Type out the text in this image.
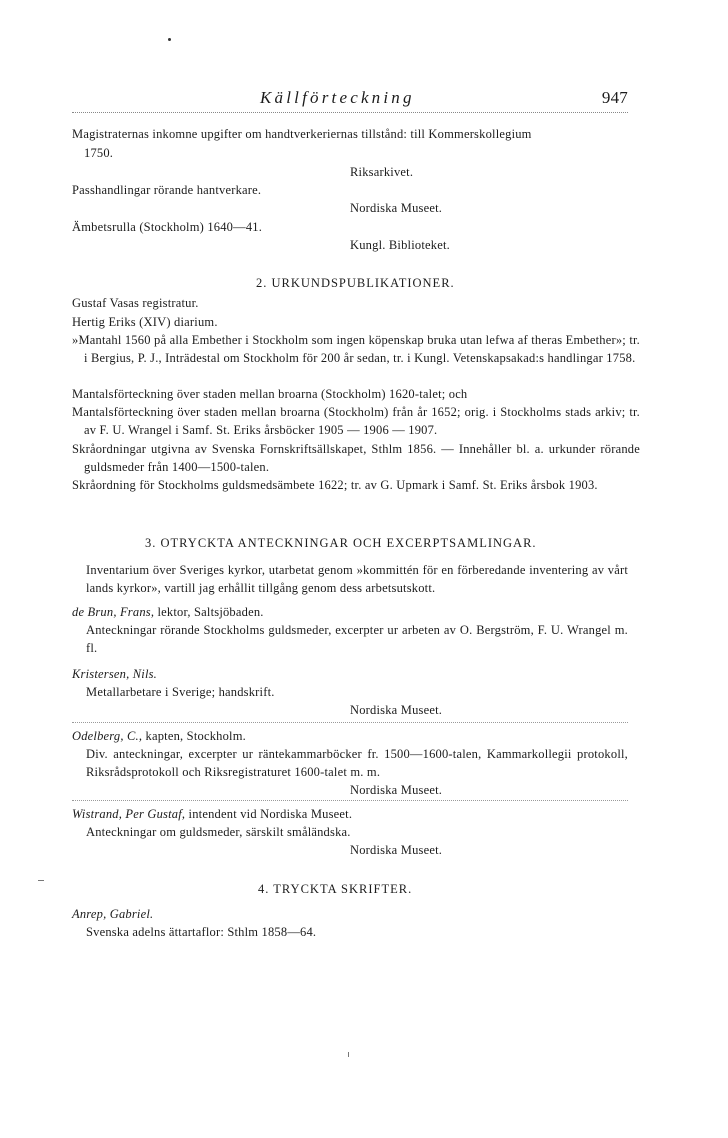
Källförteckning	947
Magistraternas inkomne upgifter om handtverkeriernas tillstånd: till Kommerskollegium
1750.
Riksarkivet.
Passhandlingar rörande hantverkare.
Nordiska Museet.
Ämbetsrulla (Stockholm) 1640—41.
Kungl. Biblioteket.
2. URKUNDSPUBLIKATIONER.
Gustaf Vasas registratur.
Hertig Eriks (XIV) diarium.
»Mantahl 1560 på alla Embether i Stockholm som ingen köpenskap bruka utan lefwa af theras Embether»; tr. i Bergius, P. J., Inträdestal om Stockholm för 200 år sedan, tr. i Kungl. Vetenskapsakad:s handlingar 1758.
Mantalsförteckning över staden mellan broarna (Stockholm) 1620-talet; och
Mantalsförteckning över staden mellan broarna (Stockholm) från år 1652; orig. i Stockholms stads arkiv; tr. av F. U. Wrangel i Samf. St. Eriks årsböcker 1905 — 1906 — 1907.
Skråordningar utgivna av Svenska Fornskriftsällskapet, Sthlm 1856. — Innehåller bl. a. urkunder rörande guldsmeder från 1400—1500-talen.
Skråordning för Stockholms guldsmedsämbete 1622; tr. av G. Upmark i Samf. St. Eriks årsbok 1903.
3. OTRYCKTA ANTECKNINGAR OCH EXCERPTSAMLINGAR.
Inventarium över Sveriges kyrkor, utarbetat genom »kommittén för en förberedande inventering av vårt lands kyrkor», vartill jag erhållit tillgång genom dess arbetsutskott.
de Brun, Frans, lektor, Saltsjöbaden.
Anteckningar rörande Stockholms guldsmeder, excerpter ur arbeten av O. Bergström, F. U. Wrangel m. fl.
Kristersen, Nils.
Metallarbetare i Sverige; handskrift.
Nordiska Museet.
Odelberg, C., kapten, Stockholm.
Div. anteckningar, excerpter ur räntekammarböcker fr. 1500—1600-talen, Kammarkollegii protokoll, Riksrådsprotokoll och Riksregistraturet 1600-talet m. m.
Nordiska Museet.
Wistrand, Per Gustaf, intendent vid Nordiska Museet.
Anteckningar om guldsmeder, särskilt småländska.
Nordiska Museet.
4. TRYCKTA SKRIFTER.
Anrep, Gabriel.
Svenska adelns ättartaflor: Sthlm 1858—64.
